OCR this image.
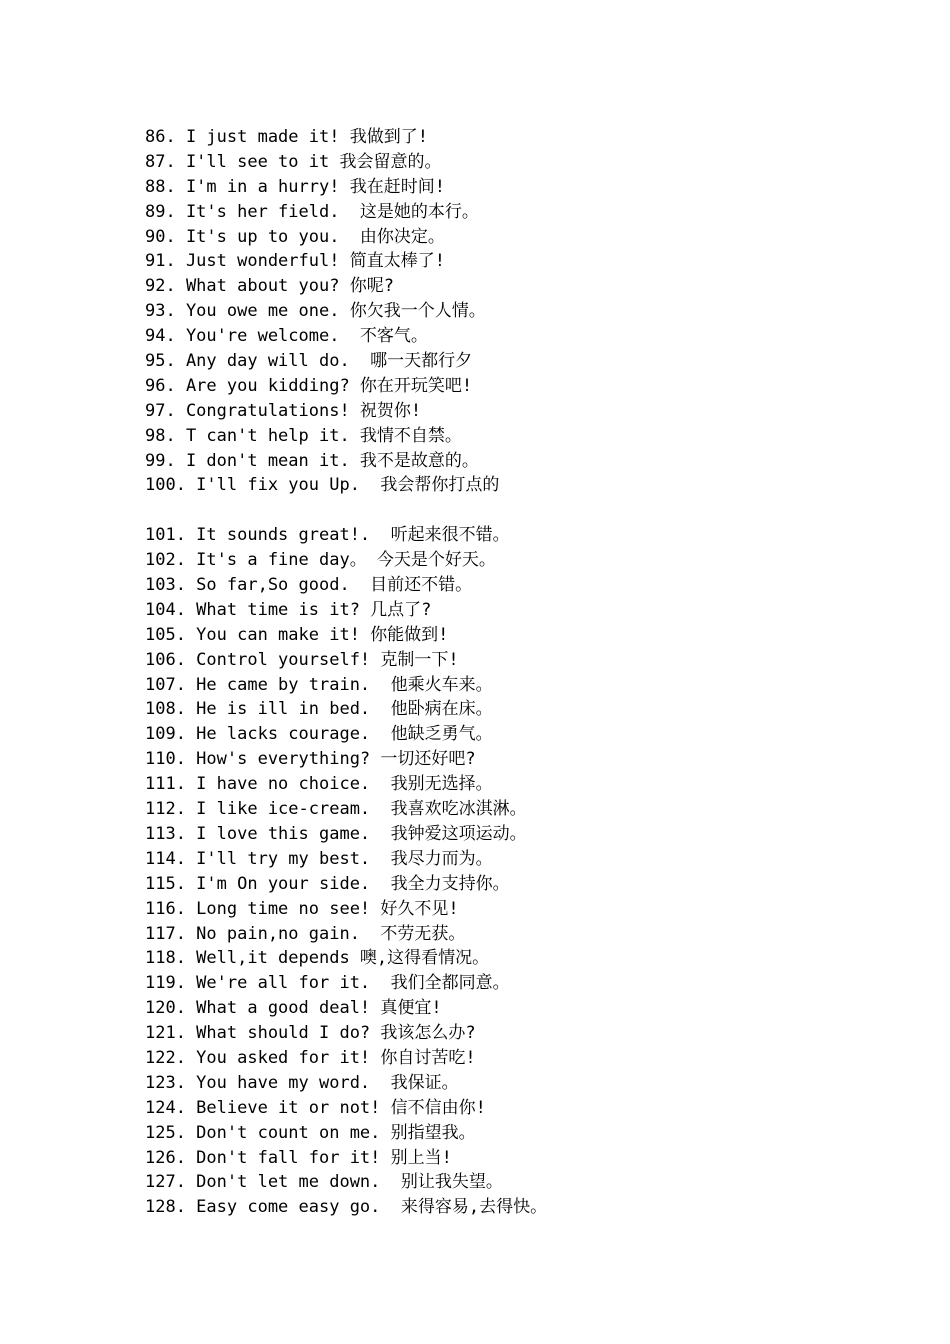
86. I just made it! 我做到了!
87. I'll see to it 我会留意的。
88. I'm in a hurry! 我在赶时间!
89. It's her field.  这是她的本行。
90. It's up to you.  由你决定。
91. Just wonderful! 简直太棒了!
92. What about you? 你呢?
93. You owe me one. 你欠我一个人情。
94. You're welcome.  不客气。
95. Any day will do.  哪一天都行夕
96. Are you kidding? 你在开玩笑吧!
97. Congratulations! 祝贺你!
98. T can't help it. 我情不自禁。
99. I don't mean it. 我不是故意的。
100. I'll fix you Up.  我会帮你打点的
101. It sounds great!.  听起来很不错。
102. It's a fine day。 今天是个好天。
103. So far,So good.  目前还不错。
104. What time is it? 几点了?
105. You can make it! 你能做到!
106. Control yourself! 克制一下!
107. He came by train.  他乘火车来。
108. He is ill in bed.  他卧病在床。
109. He lacks courage.  他缺乏勇气。
110. How's everything? 一切还好吧?
111. I have no choice.  我别无选择。
112. I like ice-cream.  我喜欢吃冰淇淋。
113. I love this game.  我钟爱这项运动。
114. I'll try my best.  我尽力而为。
115. I'm On your side.  我全力支持你。
116. Long time no see! 好久不见!
117. No pain,no gain.  不劳无获。
118. Well,it depends 噢,这得看情况。
119. We're all for it.  我们全都同意。
120. What a good deal! 真便宜!
121. What should I do? 我该怎么办?
122. You asked for it! 你自讨苦吃!
123. You have my word.  我保证。
124. Believe it or not! 信不信由你!
125. Don't count on me. 别指望我。
126. Don't fall for it! 别上当!
127. Don't let me down.  别让我失望。
128. Easy come easy go.  来得容易,去得快。
